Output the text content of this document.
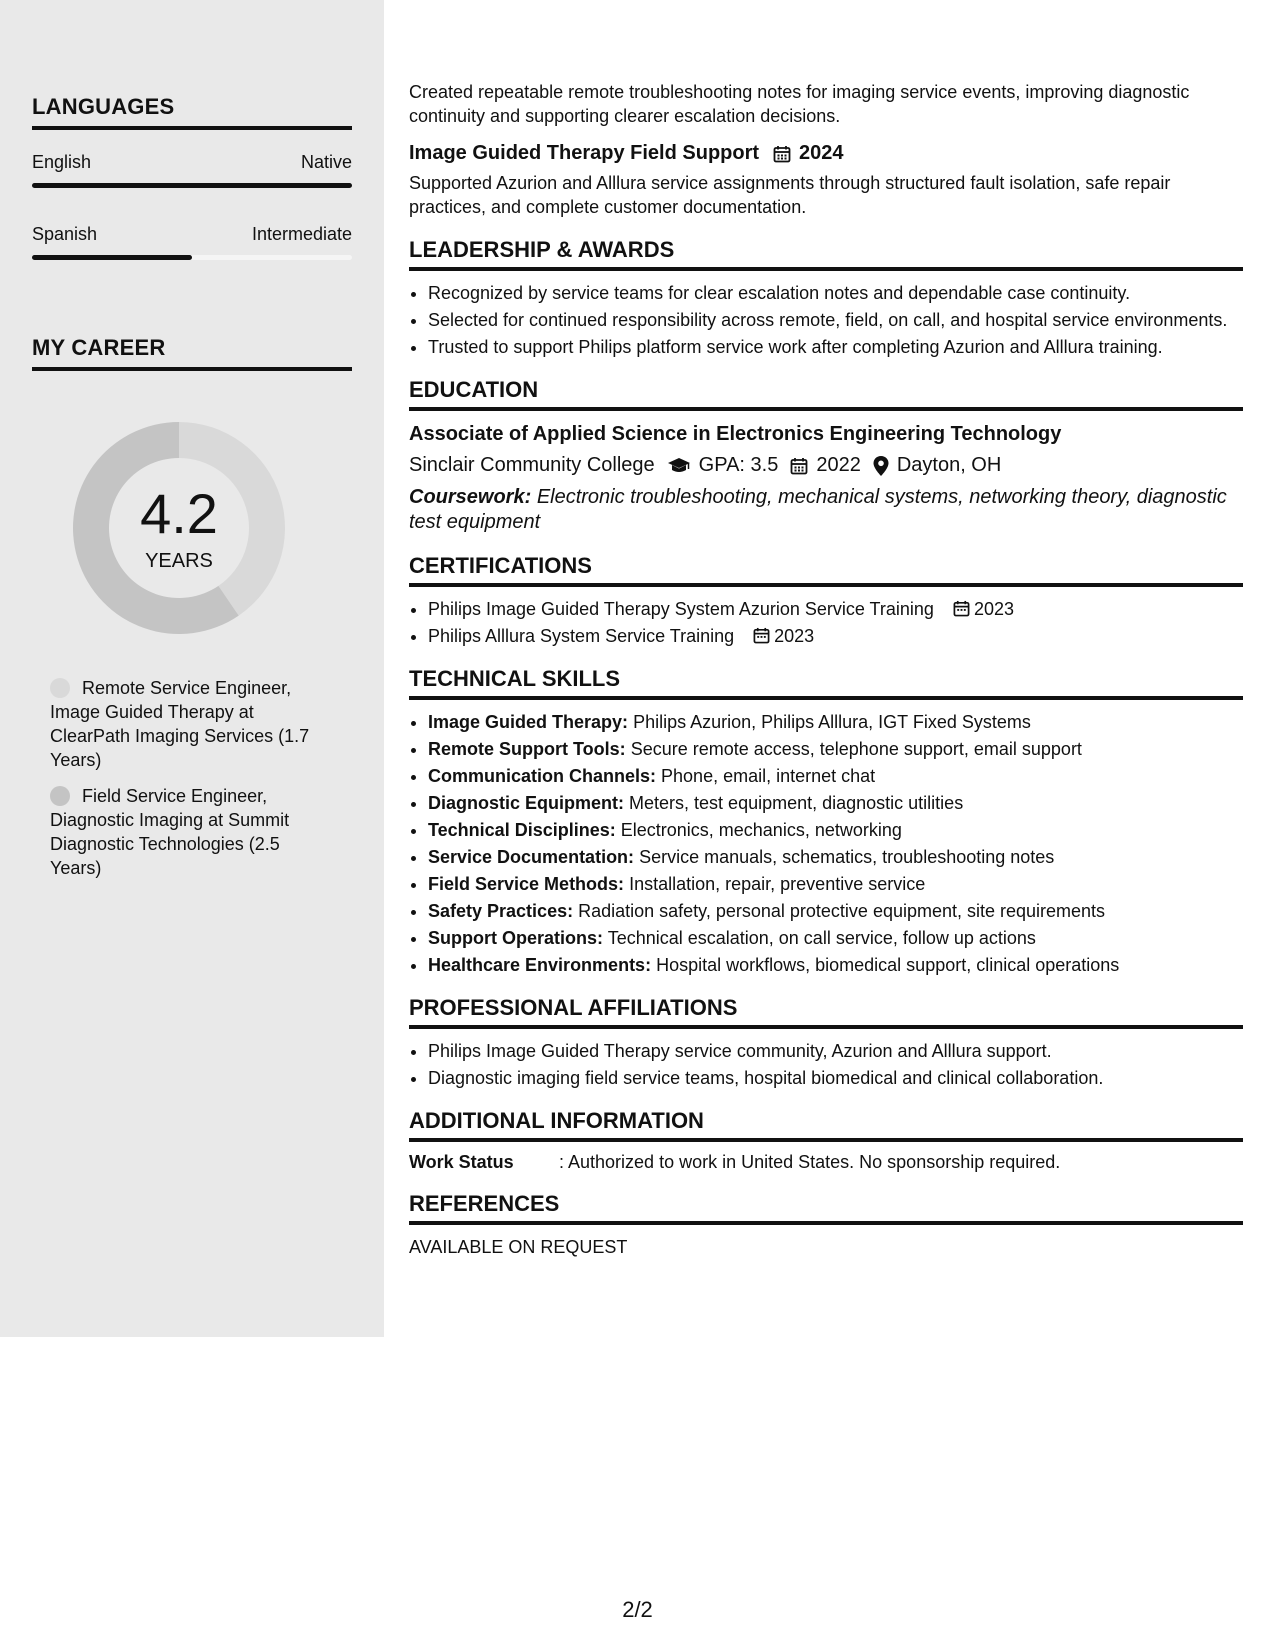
LANGUAGES
English	Native
Spanish	Intermediate
MY CAREER
4.2
YEARS
Remote Service Engineer, Image Guided Therapy at ClearPath Imaging Services (1.7 Years)
Field Service Engineer, Diagnostic Imaging at Summit Diagnostic Technologies (2.5 Years)

Created repeatable remote troubleshooting notes for imaging service events, improving diagnostic continuity and supporting clearer escalation decisions.

Image Guided Therapy Field Support 2024

Supported Azurion and Alllura service assignments through structured fault isolation, safe repair practices, and complete customer documentation.

LEADERSHIP & AWARDS
• Recognized by service teams for clear escalation notes and dependable case continuity.
• Selected for continued responsibility across remote, field, on call, and hospital service environments.
• Trusted to support Philips platform service work after completing Azurion and Alllura training.
EDUCATION
Associate of Applied Science in Electronics Engineering Technology
Sinclair Community College GPA: 3.5 2022 Dayton, OH
Coursework: Electronic troubleshooting, mechanical systems, networking theory, diagnostic test equipment
CERTIFICATIONS
• Philips Image Guided Therapy System Azurion Service Training 2023
• Philips Alllura System Service Training 2023
TECHNICAL SKILLS
• Image Guided Therapy: Philips Azurion, Philips Alllura, IGT Fixed Systems
• Remote Support Tools: Secure remote access, telephone support, email support
• Communication Channels: Phone, email, internet chat
• Diagnostic Equipment: Meters, test equipment, diagnostic utilities
• Technical Disciplines: Electronics, mechanics, networking
• Service Documentation: Service manuals, schematics, troubleshooting notes
• Field Service Methods: Installation, repair, preventive service
• Safety Practices: Radiation safety, personal protective equipment, site requirements
• Support Operations: Technical escalation, on call service, follow up actions
• Healthcare Environments: Hospital workflows, biomedical support, clinical operations
PROFESSIONAL AFFILIATIONS
• Philips Image Guided Therapy service community, Azurion and Alllura support.
• Diagnostic imaging field service teams, hospital biomedical and clinical collaboration.
ADDITIONAL INFORMATION
Work Status	: Authorized to work in United States. No sponsorship required.
REFERENCES
AVAILABLE ON REQUEST
2/2
